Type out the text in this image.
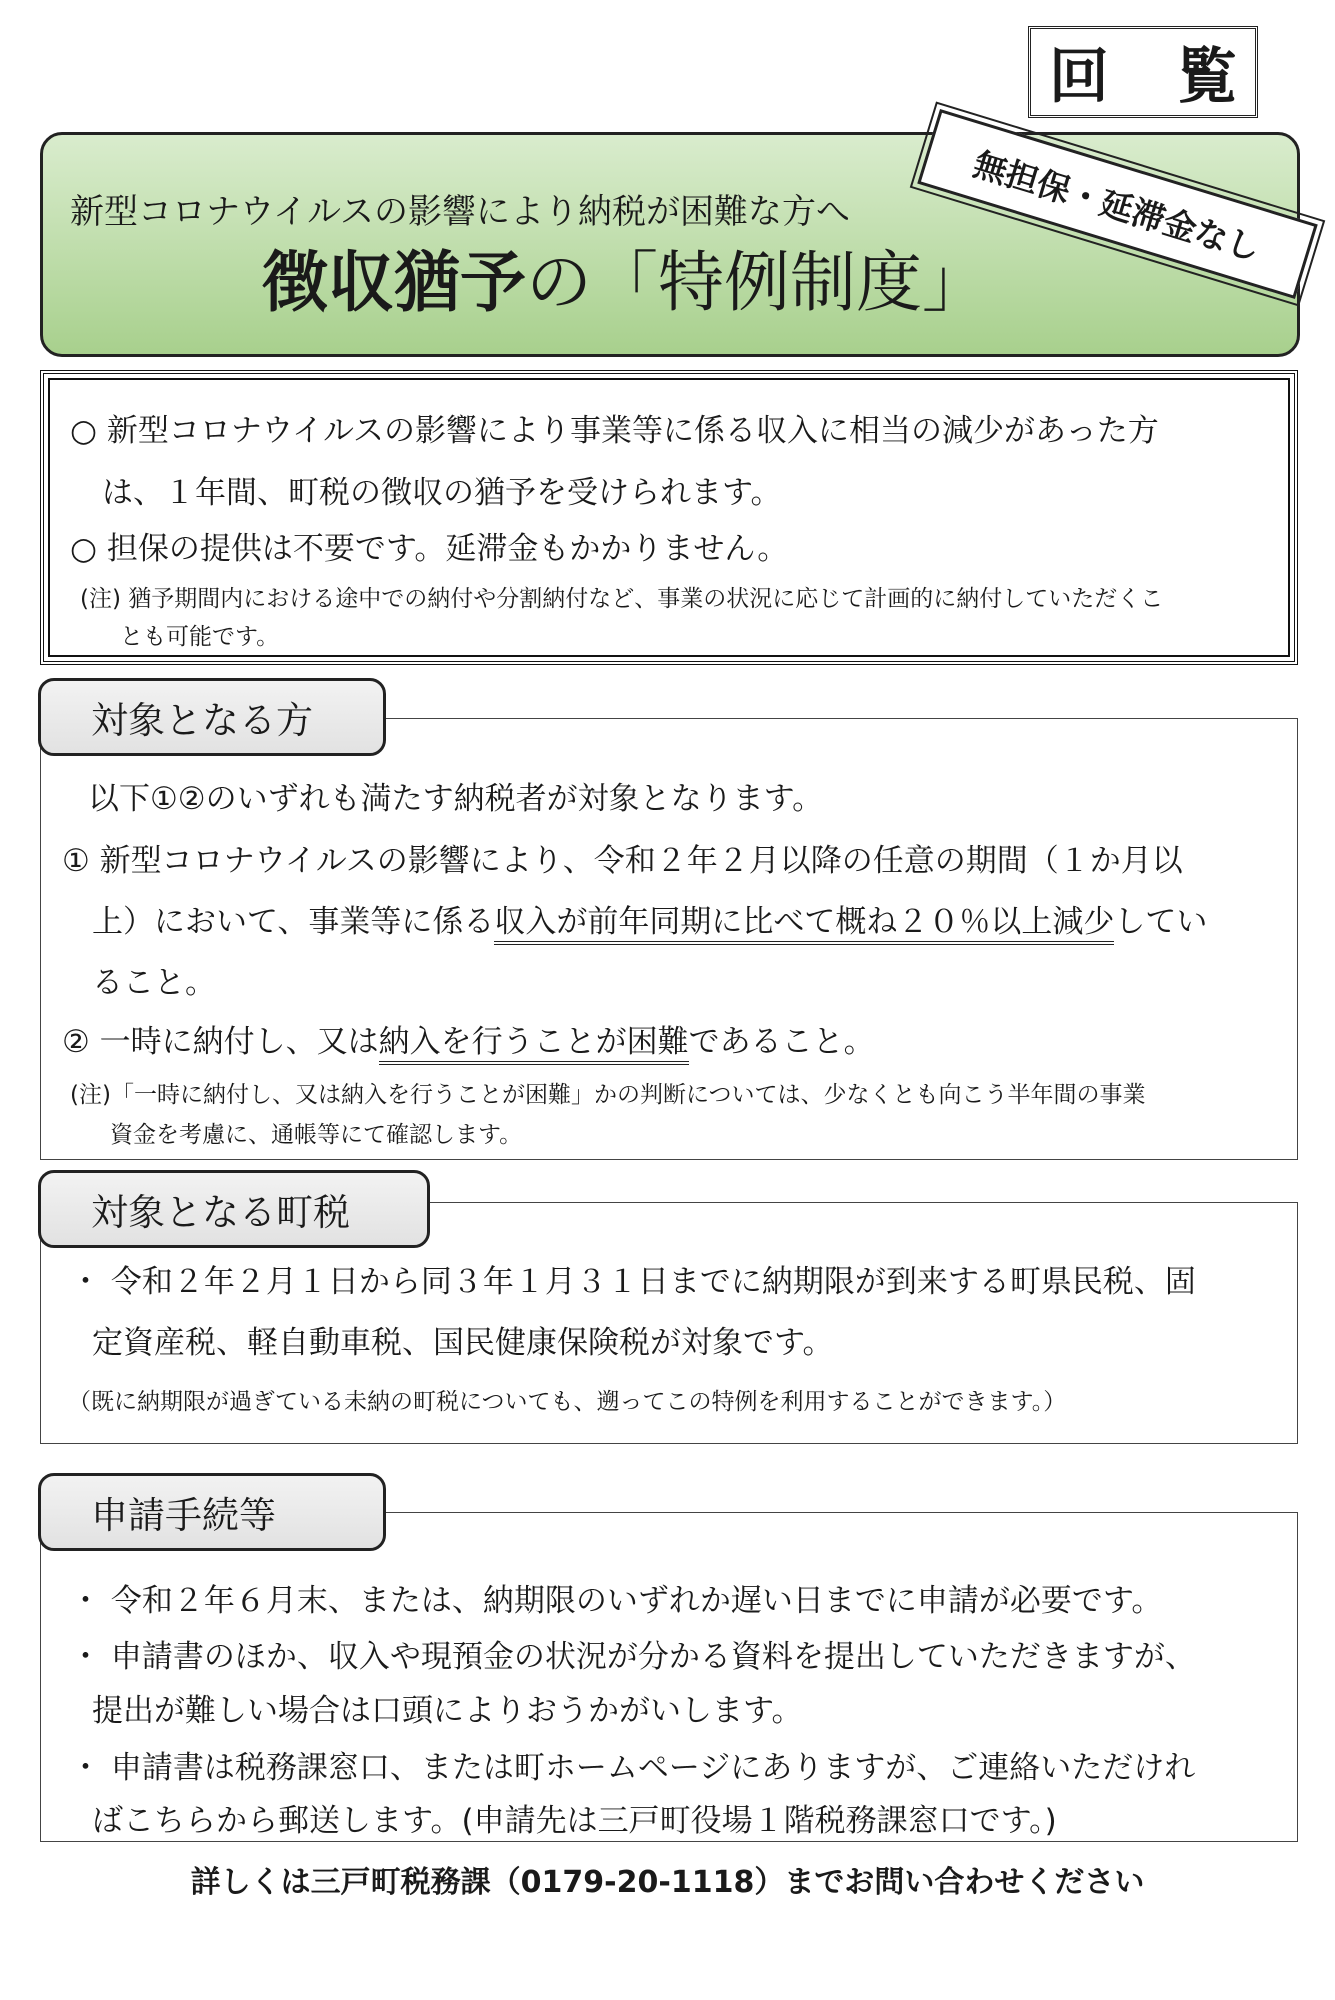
回 覧
新型コロナウイルスの影響により納税が困難な方へ
徴収猶予の「特例制度」
無担保・延滞金なし
○ 新型コロナウイルスの影響により事業等に係る収入に相当の減少があった方
は、１年間、町税の徴収の猶予を受けられます。
○ 担保の提供は不要です。延滞金もかかりません。
(注) 猶予期間内における途中での納付や分割納付など、事業の状況に応じて計画的に納付していただくこ
とも可能です。
対象となる方
以下①②のいずれも満たす納税者が対象となります。
① 新型コロナウイルスの影響により、令和２年２月以降の任意の期間（１か月以
上）において、事業等に係る収入が前年同期に比べて概ね２０％以上減少してい
ること。
② 一時に納付し、又は納入を行うことが困難であること。
(注)「一時に納付し、又は納入を行うことが困難」かの判断については、少なくとも向こう半年間の事業
資金を考慮に、通帳等にて確認します。
対象となる町税
・ 令和２年２月１日から同３年１月３１日までに納期限が到来する町県民税、固
定資産税、軽自動車税、国民健康保険税が対象です。
（既に納期限が過ぎている未納の町税についても、遡ってこの特例を利用することができます。）
申請手続等
・ 令和２年６月末、または、納期限のいずれか遅い日までに申請が必要です。
・ 申請書のほか、収入や現預金の状況が分かる資料を提出していただきますが、
提出が難しい場合は口頭によりおうかがいします。
・ 申請書は税務課窓口、または町ホームページにありますが、ご連絡いただけれ
ばこちらから郵送します。(申請先は三戸町役場１階税務課窓口です。)
詳しくは三戸町税務課（0179-20-1118）までお問い合わせください
